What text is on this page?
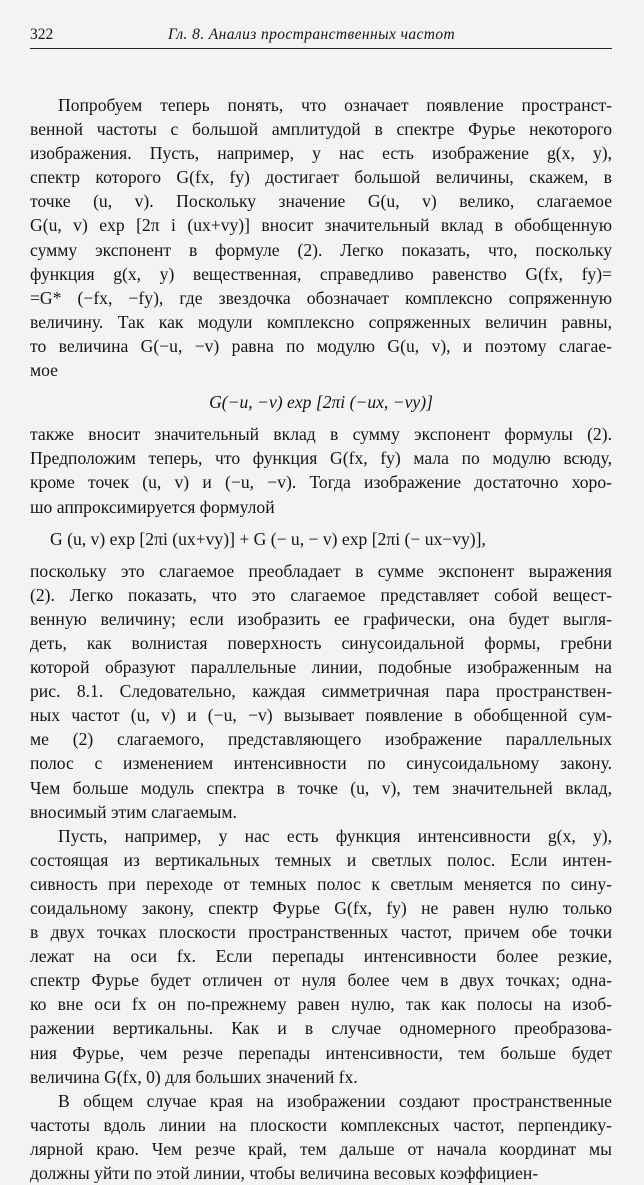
322	Гл. 8. Анализ пространственных частот
Попробуем теперь понять, что означает появление пространст-
венной частоты с большой амплитудой в спектре Фурье некоторого
изображения. Пусть, например, у нас есть изображение g(x, y),
спектр которого G(fx, fy) достигает большой величины, скажем, в
точке (u, v). Поскольку значение G(u, v) велико, слагаемое
G(u, v) exp [2π i (ux+vy)] вносит значительный вклад в обобщенную
сумму экспонент в формуле (2). Легко показать, что, поскольку
функция g(x, y) вещественная, справедливо равенство G(fx, fy)=
=G* (−fx, −fy), где звездочка обозначает комплексно сопряженную
величину. Так как модули комплексно сопряженных величин равны,
то величина G(−u, −v) равна по модулю G(u, v), и поэтому слагае-
мое
G(−u, −v) exp [2πi (−ux, −vy)]
также вносит значительный вклад в сумму экспонент формулы (2).
Предположим теперь, что функция G(fx, fy) мала по модулю всюду,
кроме точек (u, v) и (−u, −v). Тогда изображение достаточно хоро-
шо аппроксимируется формулой
G (u, v) exp [2πi (ux+vy)] + G (− u, − v) exp [2πi (− ux−vy)],
поскольку это слагаемое преобладает в сумме экспонент выражения
(2). Легко показать, что это слагаемое представляет собой вещест-
венную величину; если изобразить ее графически, она будет выгля-
деть, как волнистая поверхность синусоидальной формы, гребни
которой образуют параллельные линии, подобные изображенным на
рис. 8.1. Следовательно, каждая симметричная пара пространствен-
ных частот (u, v) и (−u, −v) вызывает появление в обобщенной сум-
ме (2) слагаемого, представляющего изображение параллельных
полос с изменением интенсивности по синусоидальному закону.
Чем больше модуль спектра в точке (u, v), тем значительней вклад,
вносимый этим слагаемым.
Пусть, например, у нас есть функция интенсивности g(x, y),
состоящая из вертикальных темных и светлых полос. Если интен-
сивность при переходе от темных полос к светлым меняется по сину-
соидальному закону, спектр Фурье G(fx, fy) не равен нулю только
в двух точках плоскости пространственных частот, причем обе точки
лежат на оси fx. Если перепады интенсивности более резкие,
спектр Фурье будет отличен от нуля более чем в двух точках; одна-
ко вне оси fx он по-прежнему равен нулю, так как полосы на изоб-
ражении вертикальны. Как и в случае одномерного преобразова-
ния Фурье, чем резче перепады интенсивности, тем больше будет
величина G(fx, 0) для больших значений fx.
В общем случае края на изображении создают пространственные
частоты вдоль линии на плоскости комплексных частот, перпендику-
лярной краю. Чем резче край, тем дальше от начала координат мы
должны уйти по этой линии, чтобы величина весовых коэффициен-
